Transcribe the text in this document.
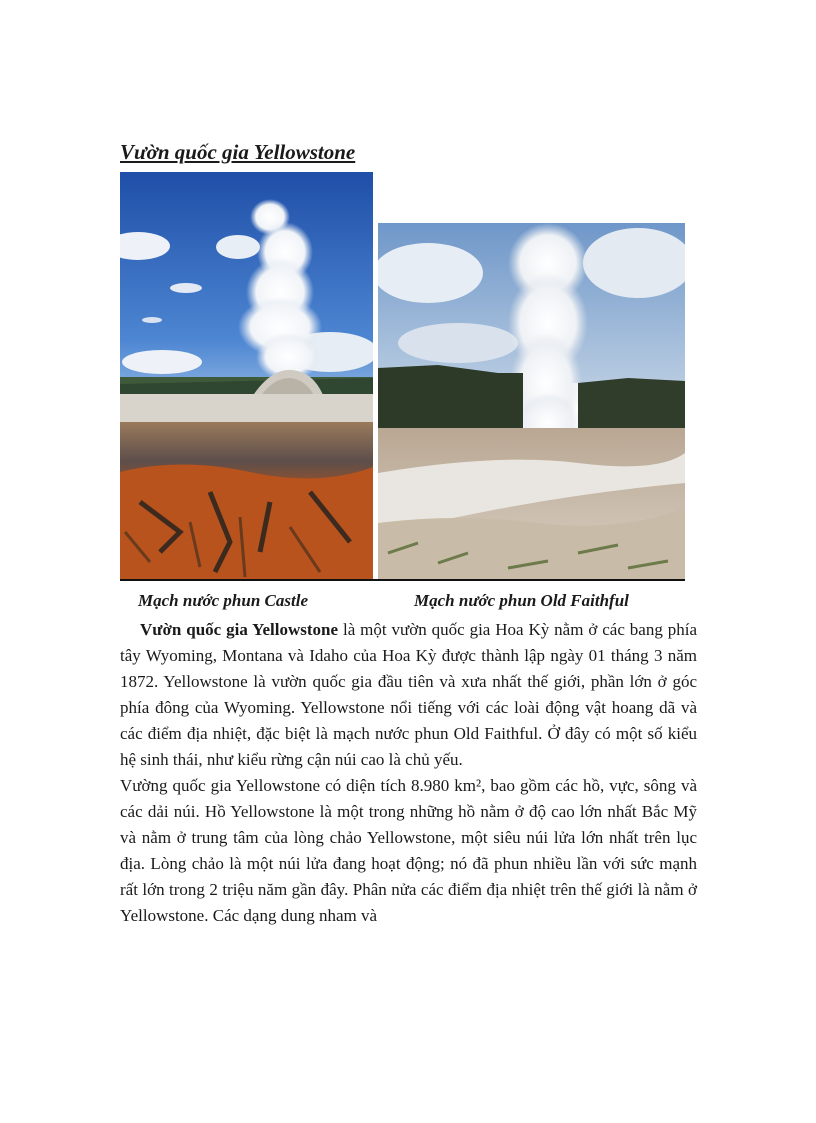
Vườn quốc gia Yellowstone
Mạch nước phun Castle	Mạch nước phun Old Faithful

Vườn quốc gia Yellowstone là một vườn quốc gia Hoa Kỳ nằm ở các bang phía tây Wyoming, Montana và Idaho của Hoa Kỳ được thành lập ngày 01 tháng 3 năm 1872. Yellowstone là vườn quốc gia đầu tiên và xưa nhất thế giới, phần lớn ở góc phía đông của Wyoming. Yellowstone nổi tiếng với các loài động vật hoang dã và các điểm địa nhiệt, đặc biệt là mạch nước phun Old Faithful. Ở đây có một số kiểu hệ sinh thái, như kiểu rừng cận núi cao là chủ yếu.

Vường quốc gia Yellowstone có diện tích 8.980 km², bao gồm các hồ, vực, sông và các dải núi. Hồ Yellowstone là một trong những hồ nằm ở độ cao lớn nhất Bắc Mỹ và nằm ở trung tâm của lòng chảo Yellowstone, một siêu núi lửa lớn nhất trên lục địa. Lòng chảo là một núi lửa đang hoạt động; nó đã phun nhiều lần với sức mạnh rất lớn trong 2 triệu năm gần đây. Phân nửa các điểm địa nhiệt trên thế giới là nằm ở Yellowstone. Các dạng dung nham và
